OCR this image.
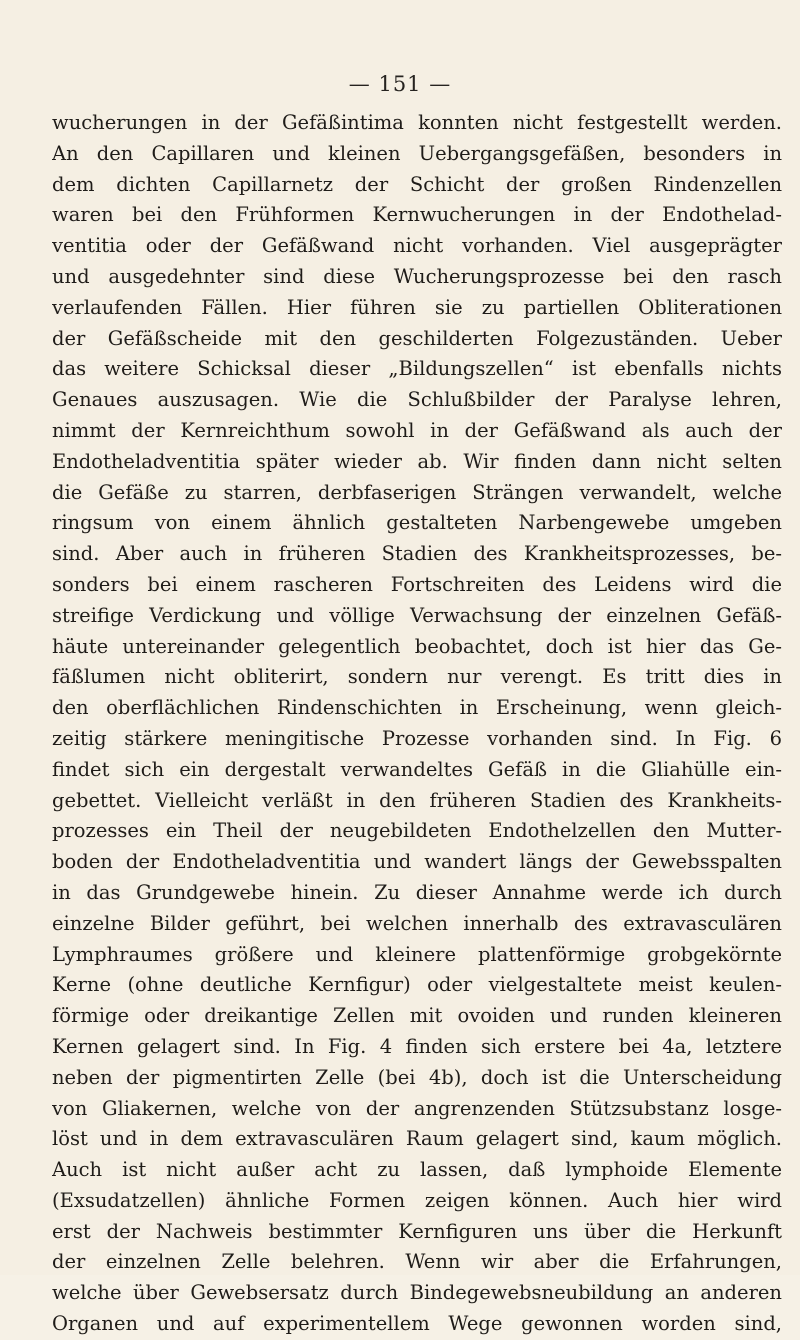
— 151 —
wucherungen in der Gefäßintima konnten nicht festgestellt werden.
An den Capillaren und kleinen Uebergangsgefäßen, besonders in
dem dichten Capillarnetz der Schicht der großen Rindenzellen
waren bei den Frühformen Kernwucherungen in der Endothelad-
ventitia oder der Gefäßwand nicht vorhanden. Viel ausgeprägter
und ausgedehnter sind diese Wucherungsprozesse bei den rasch
verlaufenden Fällen. Hier führen sie zu partiellen Obliterationen
der Gefäßscheide mit den geschilderten Folgezuständen. Ueber
das weitere Schicksal dieser „Bildungszellen“ ist ebenfalls nichts
Genaues auszusagen. Wie die Schlußbilder der Paralyse lehren,
nimmt der Kernreichthum sowohl in der Gefäßwand als auch der
Endotheladventitia später wieder ab. Wir finden dann nicht selten
die Gefäße zu starren, derbfaserigen Strängen verwandelt, welche
ringsum von einem ähnlich gestalteten Narbengewebe umgeben
sind. Aber auch in früheren Stadien des Krankheitsprozesses, be-
sonders bei einem rascheren Fortschreiten des Leidens wird die
streifige Verdickung und völlige Verwachsung der einzelnen Gefäß-
häute untereinander gelegentlich beobachtet, doch ist hier das Ge-
fäßlumen nicht obliterirt, sondern nur verengt. Es tritt dies in
den oberflächlichen Rindenschichten in Erscheinung, wenn gleich-
zeitig stärkere meningitische Prozesse vorhanden sind. In Fig. 6
findet sich ein dergestalt verwandeltes Gefäß in die Gliahülle ein-
gebettet. Vielleicht verläßt in den früheren Stadien des Krankheits-
prozesses ein Theil der neugebildeten Endothelzellen den Mutter-
boden der Endotheladventitia und wandert längs der Gewebsspalten
in das Grundgewebe hinein. Zu dieser Annahme werde ich durch
einzelne Bilder geführt, bei welchen innerhalb des extravasculären
Lymphraumes größere und kleinere plattenförmige grobgekörnte
Kerne (ohne deutliche Kernfigur) oder vielgestaltete meist keulen-
förmige oder dreikantige Zellen mit ovoiden und runden kleineren
Kernen gelagert sind. In Fig. 4 finden sich erstere bei 4a, letztere
neben der pigmentirten Zelle (bei 4b), doch ist die Unterscheidung
von Gliakernen, welche von der angrenzenden Stützsubstanz losge-
löst und in dem extravasculären Raum gelagert sind, kaum möglich.
Auch ist nicht außer acht zu lassen, daß lymphoide Elemente
(Exsudatzellen) ähnliche Formen zeigen können. Auch hier wird
erst der Nachweis bestimmter Kernfiguren uns über die Herkunft
der einzelnen Zelle belehren. Wenn wir aber die Erfahrungen,
welche über Gewebsersatz durch Bindegewebsneubildung an anderen
Organen und auf experimentellem Wege gewonnen worden sind,
